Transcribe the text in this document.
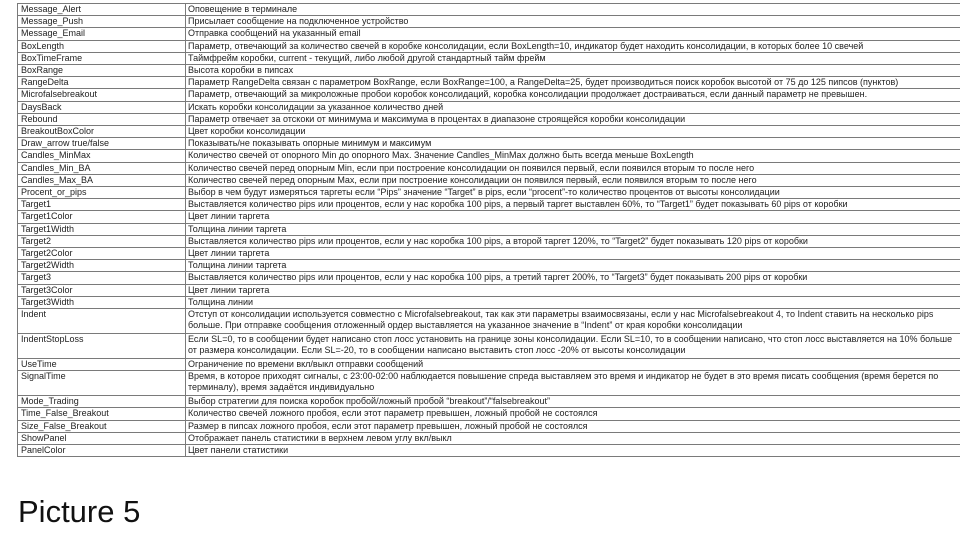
Message_Alert	Оповещение в терминале
Message_Push	Присылает сообщение на подключенное устройство
Message_Email	Отправка сообщений на указанный email
BoxLength	Параметр, отвечающий за количество свечей в коробке консолидации, если BoxLength=10, индикатор будет находить консолидации, в которых более 10 свечей
BoxTimeFrame	Таймфрейм коробки, current - текущий, либо любой другой стандартный тайм фрейм
BoxRange	Высота коробки в пипсах
RangeDelta	Параметр RangeDelta связан с параметром BoxRange, если BoxRange=100, а RangeDelta=25, будет производиться поиск коробок высотой от 75 до 125 пипсов (пунктов)
Microfalsebreakout	Параметр, отвечающий за микроложные пробои коробок консолидаций, коробка консолидации продолжает достраиваться, если данный параметр не превышен.
DaysBack	Искать коробки консолидации за указанное количество дней
Rebound	Параметр отвечает за отскоки от минимума и максимума в процентах в диапазоне строящейся коробки консолидации
BreakoutBoxColor	Цвет коробки консолидации
Draw_arrow true/false	Показывать/не показывать опорные минимум и максимум
Candles_MinMax	Количество свечей от опорного Min до опорного Max. Значение Candles_MinMax должно быть всегда меньше BoxLength
Candles_Min_BA	Количество свечей перед опорным Min, если при построение консолидации он появился первый, если появился вторым то после него
Candles_Max_BA	Количество свечей перед опорным Max, если при построение консолидации он появился первый, если появился вторым то после него
Procent_or_pips	Выбор в чем будут измеряться таргеты если “Pips” значение “Target” в pips, если “procent”-то количество процентов от высоты консолидации
Target1	Выставляется количество pips или процентов, если у нас коробка 100 pips, а первый таргет выставлен 60%, то “Target1” будет показывать 60 pips от коробки
Target1Color	Цвет линии таргета
Target1Width	Толщина линии таргета
Target2	Выставляется количество pips или процентов, если у нас коробка 100 pips, а второй таргет 120%, то “Target2” будет показывать 120 pips от коробки
Target2Color	Цвет линии таргета
Target2Width	Толщина линии таргета
Target3	Выставляется количество pips или процентов, если у нас коробка 100 pips, а третий таргет 200%, то “Target3” будет показывать 200 pips от коробки
Target3Color	Цвет линии таргета
Target3Width	Толщина линии
Indent	Отступ от консолидации используется совместно с Microfalsebreakout, так как эти параметры взаимосвязаны, если у нас Microfalsebreakout 4, то Indent ставить на несколько pips больше. При отправке сообщения отложенный ордер выставляется на указанное значение в “Indent” от края коробки консолидации
IndentStopLoss	Если SL=0, то в сообщении будет написано стоп лосс установить на границе зоны консолидации. Если SL=10, то в сообщении написано, что стоп лосс выставляется на 10% больше от размера консолидации. Если SL=-20, то в сообщении написано выставить стоп лосс -20% от высоты консолидации
UseTime	Ограничение по времени вкл/выкл отправки сообщений
SignalTime	Время, в которое приходят сигналы, с 23:00-02:00 наблюдается повышение спреда выставляем это время и индикатор не будет в это время писать сообщения (время берется по терминалу), время задаётся индивидуально
Mode_Trading	Выбор стратегии для поиска коробок пробой/ложный пробой “breakout”/“falsebreakout”
Time_False_Breakout	Количество свечей ложного пробоя, если этот параметр превышен, ложный пробой не состоялся
Size_False_Breakout	Размер в пипсах ложного пробоя, если этот параметр превышен, ложный пробой не состоялся
ShowPanel	Отображает панель статистики в верхнем левом углу вкл/выкл
PanelColor	Цвет панели статистики
Picture 5
